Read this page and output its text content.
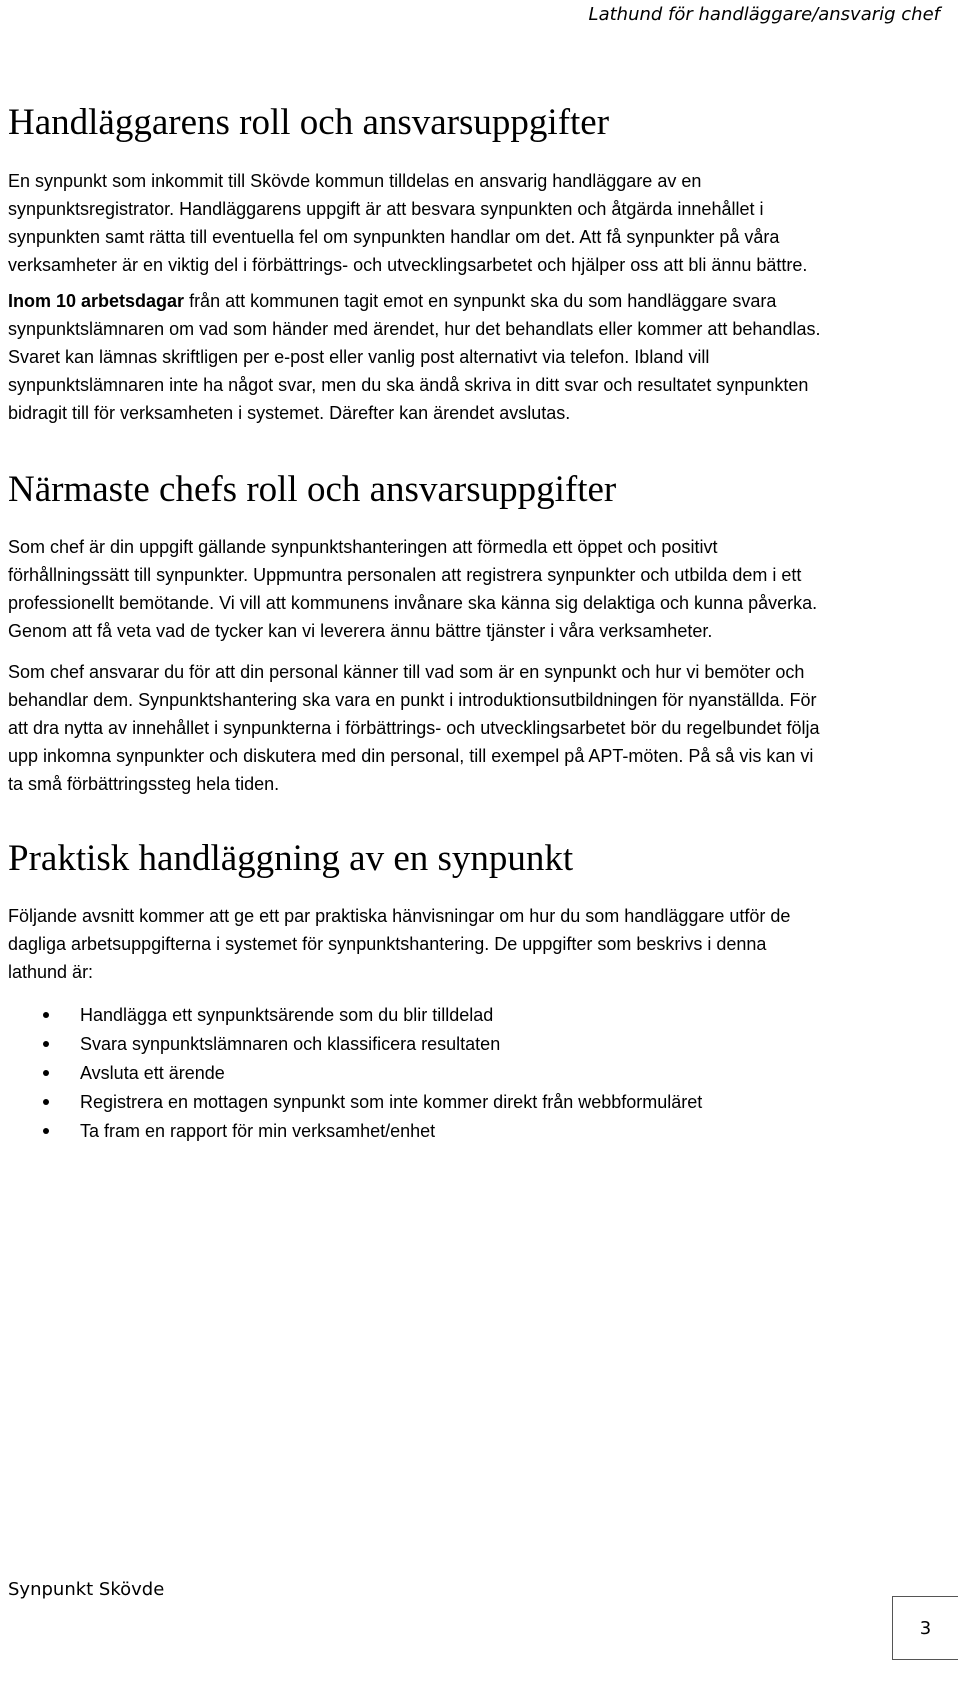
Lathund för handläggare/ansvarig chef
Handläggarens roll och ansvarsuppgifter

En synpunkt som inkommit till Skövde kommun tilldelas en ansvarig handläggare av en
synpunktsregistrator. Handläggarens uppgift är att besvara synpunkten och åtgärda innehållet i
synpunkten samt rätta till eventuella fel om synpunkten handlar om det. Att få synpunkter på våra
verksamheter är en viktig del i förbättrings- och utvecklingsarbetet och hjälper oss att bli ännu bättre.

Inom 10 arbetsdagar från att kommunen tagit emot en synpunkt ska du som handläggare svara
synpunktslämnaren om vad som händer med ärendet, hur det behandlats eller kommer att behandlas.
Svaret kan lämnas skriftligen per e-post eller vanlig post alternativt via telefon. Ibland vill
synpunktslämnaren inte ha något svar, men du ska ändå skriva in ditt svar och resultatet synpunkten
bidragit till för verksamheten i systemet. Därefter kan ärendet avslutas.

Närmaste chefs roll och ansvarsuppgifter

Som chef är din uppgift gällande synpunktshanteringen att förmedla ett öppet och positivt
förhållningssätt till synpunkter. Uppmuntra personalen att registrera synpunkter och utbilda dem i ett
professionellt bemötande. Vi vill att kommunens invånare ska känna sig delaktiga och kunna påverka.
Genom att få veta vad de tycker kan vi leverera ännu bättre tjänster i våra verksamheter.

Som chef ansvarar du för att din personal känner till vad som är en synpunkt och hur vi bemöter och
behandlar dem. Synpunktshantering ska vara en punkt i introduktionsutbildningen för nyanställda. För
att dra nytta av innehållet i synpunkterna i förbättrings- och utvecklingsarbetet bör du regelbundet följa
upp inkomna synpunkter och diskutera med din personal, till exempel på APT-möten. På så vis kan vi
ta små förbättringssteg hela tiden.

Praktisk handläggning av en synpunkt

Följande avsnitt kommer att ge ett par praktiska hänvisningar om hur du som handläggare utför de
dagliga arbetsuppgifterna i systemet för synpunktshantering. De uppgifter som beskrivs i denna
lathund är:

Handlägga ett synpunktsärende som du blir tilldelad
Svara synpunktslämnaren och klassificera resultaten
Avsluta ett ärende
Registrera en mottagen synpunkt som inte kommer direkt från webbformuläret
Ta fram en rapport för min verksamhet/enhet
Synpunkt Skövde
3
